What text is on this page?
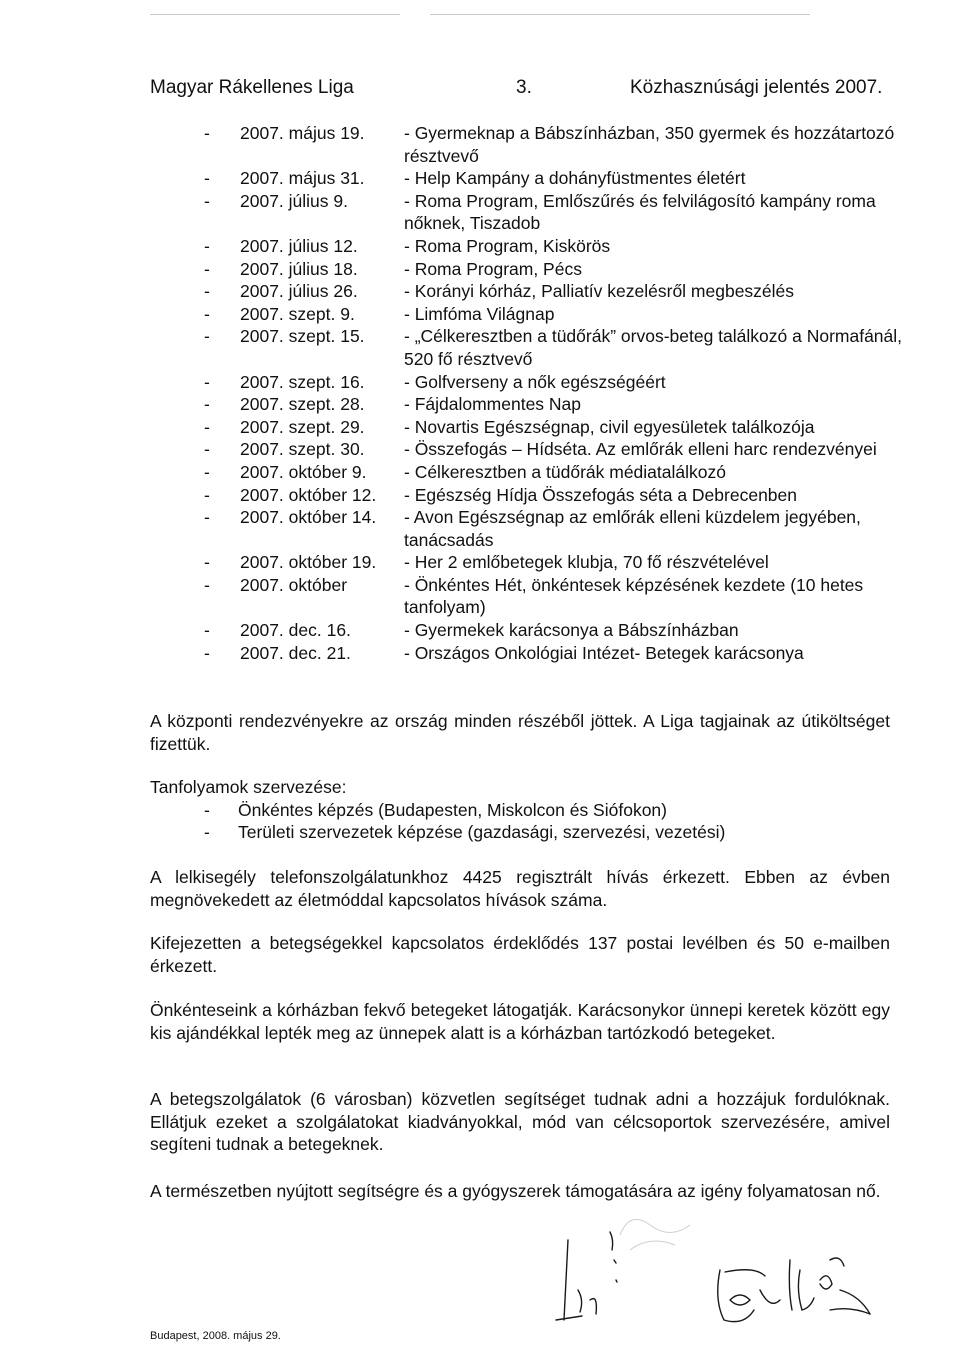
Magyar Rákellenes Liga	3.	Közhasznúsági jelentés 2007.
-	2007. május 19.	- Gyermeknap a Bábszínházban, 350 gyermek és hozzátartozó résztvevő
-	2007. május 31.	- Help Kampány a dohányfüstmentes életért
-	2007. július 9.	- Roma Program, Emlőszűrés és felvilágosító kampány roma nőknek, Tiszadob
-	2007. július 12.	- Roma Program, Kiskörös
-	2007. július 18.	- Roma Program, Pécs
-	2007. július 26.	- Korányi kórház, Palliatív kezelésről megbeszélés
-	2007. szept. 9.	- Limfóma Világnap
-	2007. szept. 15.	- „Célkeresztben a tüdőrák” orvos-beteg találkozó a Normafánál, 520 fő résztvevő
-	2007. szept. 16.	- Golfverseny a nők egészségéért
-	2007. szept. 28.	- Fájdalommentes Nap
-	2007. szept. 29.	- Novartis Egészségnap, civil egyesületek találkozója
-	2007. szept. 30.	- Összefogás – Hídséta. Az emlőrák elleni harc rendezvényei
-	2007. október 9.	- Célkeresztben a tüdőrák médiatalálkozó
-	2007. október 12.	- Egészség Hídja Összefogás séta a Debrecenben
-	2007. október 14.	- Avon Egészségnap az emlőrák elleni küzdelem jegyében, tanácsadás
-	2007. október 19.	- Her 2 emlőbetegek klubja, 70 fő részvételével
-	2007. október	- Önkéntes Hét, önkéntesek képzésének kezdete (10 hetes tanfolyam)
-	2007. dec. 16.	- Gyermekek karácsonya a Bábszínházban
-	2007. dec. 21.	- Országos Onkológiai Intézet- Betegek karácsonya

A központi rendezvényekre az ország minden részéből jöttek. A Liga tagjainak az útiköltséget fizettük.

Tanfolyamok szervezése:

-	Önkéntes képzés (Budapesten, Miskolcon és Siófokon)
-	Területi szervezetek képzése (gazdasági, szervezési, vezetési)

A lelkisegély telefonszolgálatunkhoz 4425 regisztrált hívás érkezett. Ebben az évben megnövekedett az életmóddal kapcsolatos hívások száma.

Kifejezetten a betegségekkel kapcsolatos érdeklődés 137 postai levélben és 50 e-mailben érkezett.

Önkénteseink a kórházban fekvő betegeket látogatják. Karácsonykor ünnepi keretek között egy kis ajándékkal lepték meg az ünnepek alatt is a kórházban tartózkodó betegeket.

A betegszolgálatok (6 városban) közvetlen segítséget tudnak adni a hozzájuk fordulóknak. Ellátjuk ezeket a szolgálatokat kiadványokkal, mód van célcsoportok szervezésére, amivel segíteni tudnak a betegeknek.

A természetben nyújtott segítségre és a gyógyszerek támogatására az igény folyamatosan nő.

Budapest, 2008. május 29.
